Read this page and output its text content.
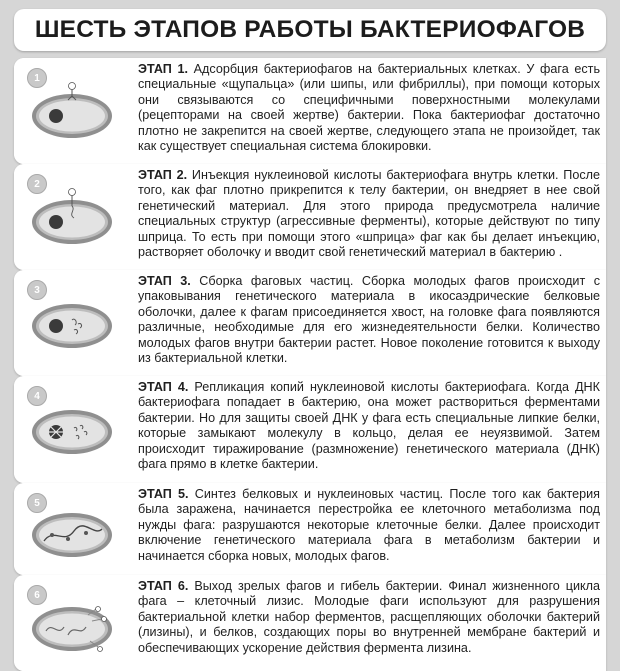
ШЕСТЬ ЭТАПОВ РАБОТЫ БАКТЕРИОФАГОВ
1
ЭТАП 1. Адсорбция бактериофагов на бактериальных клетках. У фага есть специальные «щупальца» (или шипы, или фибриллы), при помощи которых они связываются со специфичными поверхностными молекулами (рецепторами на своей жертве) бактерии. Пока бактериофаг достаточно плотно не закрепится на своей жертве, следующего этапа не произойдет, так как существует специальная система блокировки.
2
ЭТАП 2. Инъекция нуклеиновой кислоты бактериофага внутрь клетки. После того, как фаг плотно прикрепится к телу бактерии, он внедряет в нее свой генетический материал. Для этого природа предусмотрела наличие специальных структур (агрессивные ферменты), которые действуют по типу шприца. То есть при помощи этого «шприца» фаг как бы делает инъекцию, растворяет оболочку и вводит свой генетический материал в бактерию .
3
ЭТАП 3. Сборка фаговых частиц. Сборка молодых фагов происходит с упаковывания генетического материала в икосаэдрические белковые оболочки, далее к фагам присоединяется хвост, на головке фага появляются различные, необходимые для его жизнедеятельности белки. Количество молодых фагов внутри бактерии растет. Новое поколение готовится к выходу из бактериальной клетки.
4
ЭТАП 4. Репликация копий нуклеиновой кислоты бактериофага. Когда ДНК бактериофага попадает в бактерию, она может раствориться ферментами бактерии. Но для защиты своей ДНК у фага есть специальные липкие белки, которые замыкают молекулу в кольцо, делая ее неуязвимой. Затем происходит тиражирование (размножение) генетического материала (ДНК) фага прямо в клетке бактерии.
5
ЭТАП 5. Синтез белковых и нуклеиновых частиц. После того как бактерия была заражена, начинается перестройка ее клеточного метаболизма под нужды фага: разрушаются некоторые клеточные белки. Далее происходит включение генетического материала фага в метаболизм бактерии и начинается сборка новых, молодых фагов.
6
ЭТАП 6. Выход зрелых фагов и гибель бактерии. Финал жизненного цикла фага – клеточный лизис. Молодые фаги используют для разрушения бактериальной клетки набор ферментов, расщепляющих оболочки бактерий (лизины), и белков, создающих поры во внутренней мембране бактерий и обеспечивающих ускорение действия фермента лизина.
